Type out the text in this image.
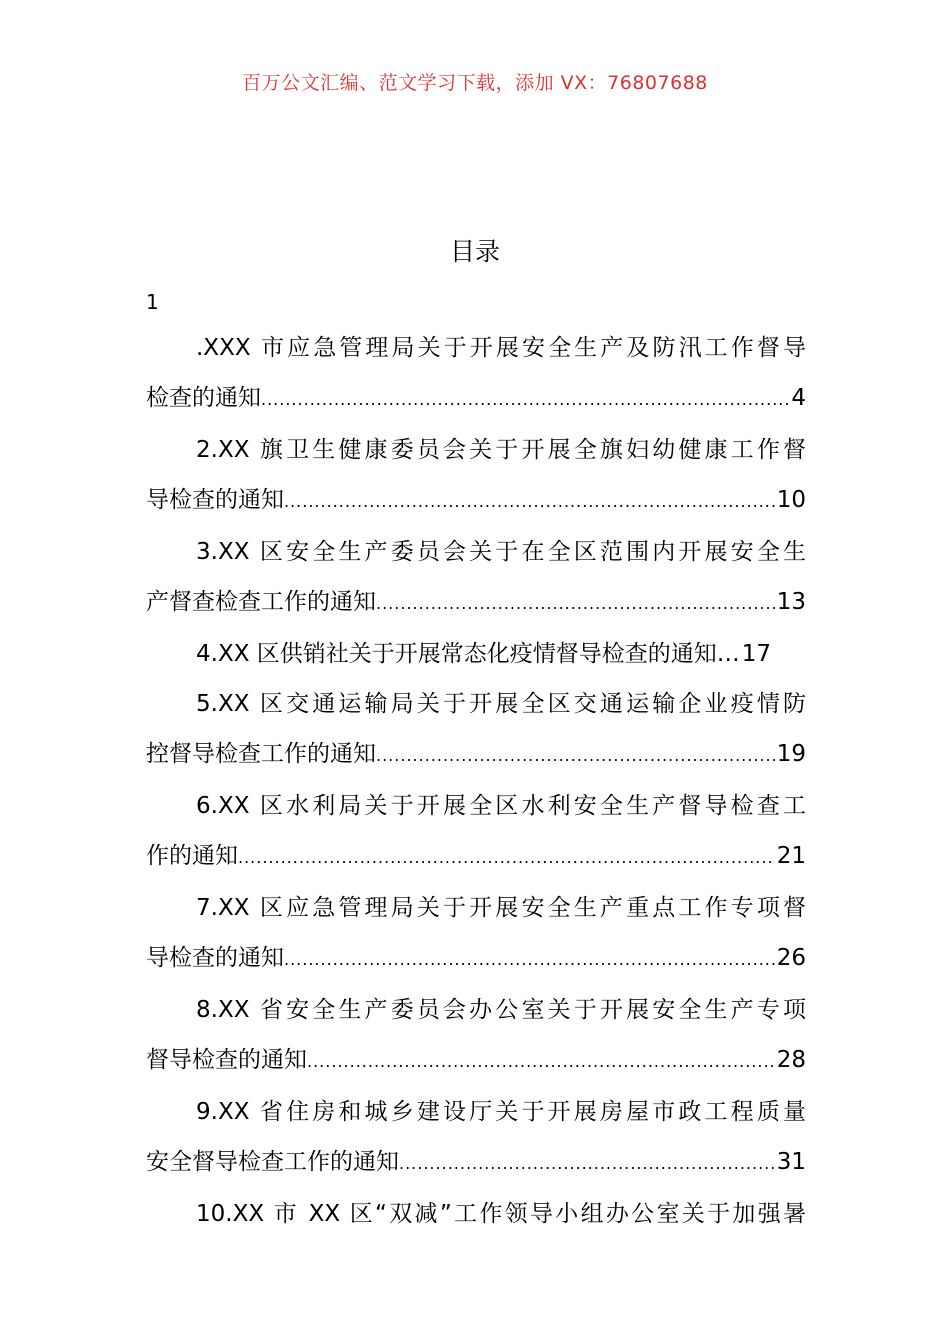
百万公文汇编、范文学习下载，添加 VX：76807688
目录
1
.XXX 市应急管理局关于开展安全生产及防汛工作督导
检查的通知 .....	4
2.XX 旗卫生健康委员会关于开展全旗妇幼健康工作督
导检查的通知 .....	10
3.XX 区安全生产委员会关于在全区范围内开展安全生
产督查检查工作的通知 .....	13
4.XX 区供销社关于开展常态化疫情督导检查的通知… 17
5.XX 区交通运输局关于开展全区交通运输企业疫情防
控督导检查工作的通知 .....	19
6.XX 区水利局关于开展全区水利安全生产督导检查工
作的通知 .....	21
7.XX 区应急管理局关于开展安全生产重点工作专项督
导检查的通知 .....	26
8.XX 省安全生产委员会办公室关于开展安全生产专项
督导检查的通知 .....	28
9.XX 省住房和城乡建设厅关于开展房屋市政工程质量
安全督导检查工作的通知 .....	31
10.XX 市 XX 区“双减”工作领导小组办公室关于加强暑
